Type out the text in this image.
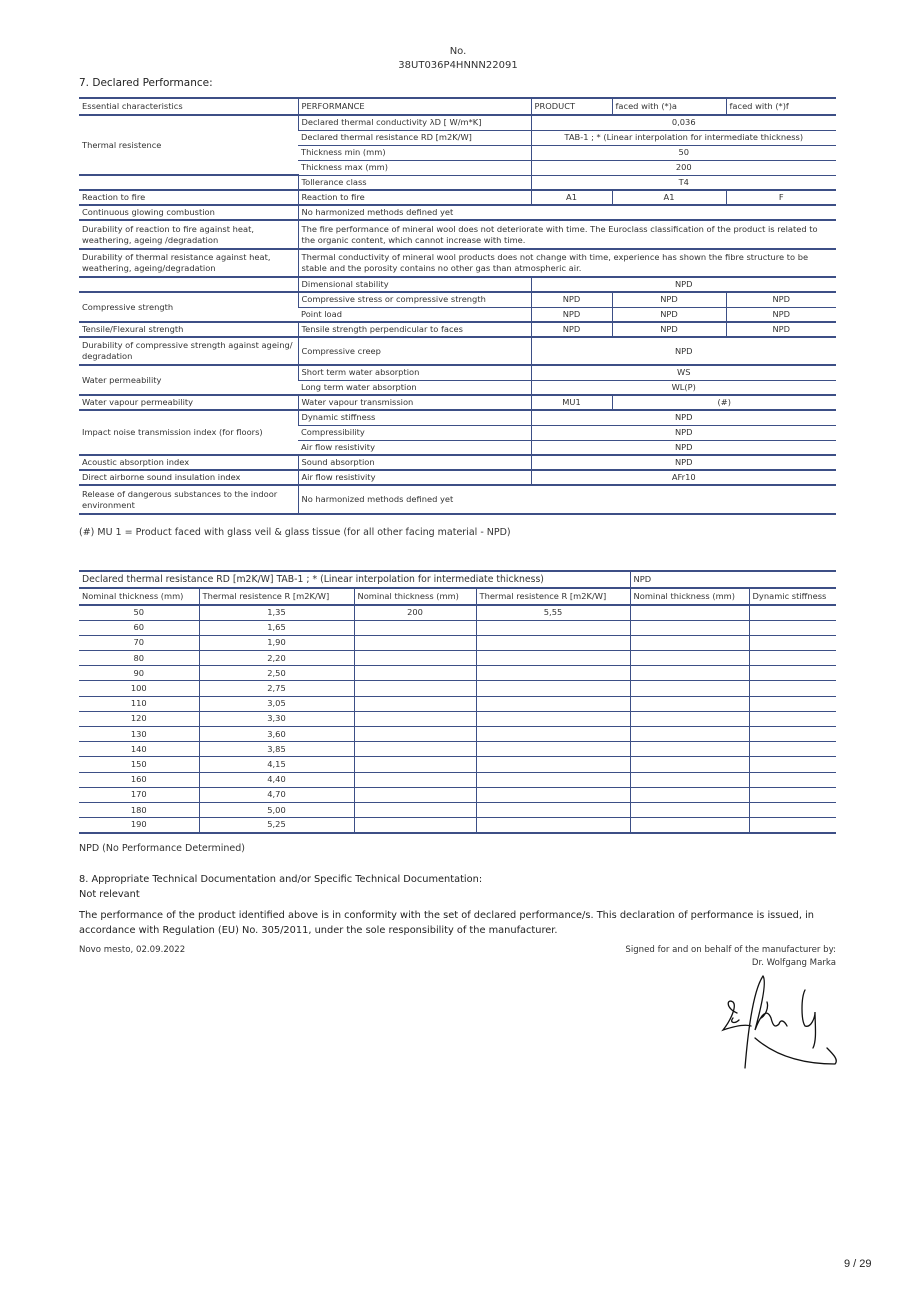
No.
38UT036P4HNNN22091
7. Declared Performance:
Essential characteristics	PERFORMANCE	PRODUCT	faced with (*)a	faced with (*)f
Thermal resistence	Declared thermal conductivity λD [ W/m*K]	0,036		
	Declared thermal resistance RD [m2K/W]	TAB-1 ; * (Linear interpolation for intermediate thickness)		
	Thickness min (mm)	50		
	Thickness max (mm)	200		
	Tollerance class	T4		
Reaction to fire	Reaction to fire	A1	A1	F
Continuous glowing combustion	No harmonized methods defined yet			
Durability of reaction to fire against heat, weathering, ageing /degradation	The fire performance of mineral wool does not deteriorate with time. The Euroclass classification of the product is related to the organic content, which cannot increase with time.			
Durability of thermal resistance against heat, weathering, ageing/degradation	Thermal conductivity of mineral wool products does not change with time, experience has shown the fibre structure to be stable and the porosity contains no other gas than atmospheric air.			
	Dimensional stability	NPD		
Compressive strength	Compressive stress or compressive strength	NPD	NPD	NPD
	Point load	NPD	NPD	NPD
Tensile/Flexural strength	Tensile strength perpendicular to faces	NPD	NPD	NPD
Durability of compressive strength against ageing/ degradation	Compressive creep	NPD		
Water permeability	Short term water absorption	WS		
	Long term water absorption	WL(P)		
Water vapour permeability	Water vapour transmission	MU1	(#)	
Impact noise transmission index (for floors)	Dynamic stiffness	NPD		
	Compressibility	NPD		
	Air flow resistivity	NPD		
Acoustic absorption index	Sound absorption	NPD		
Direct airborne sound insulation index	Air flow resistivity	AFr10		
Release of dangerous substances to the indoor environment	No harmonized methods defined yet			
(#) MU 1 = Product faced with glass veil & glass tissue (for all other facing material - NPD)
Declared thermal resistance RD [m2K/W] TAB-1 ; * (Linear interpolation for intermediate thickness)				NPD	
Nominal thickness (mm)	Thermal resistence R [m2K/W]	Nominal thickness (mm)	Thermal resistence R [m2K/W]	Nominal thickness (mm)	Dynamic stiffness
50	1,35	200	5,55		
60	1,65				
70	1,90				
80	2,20				
90	2,50				
100	2,75				
110	3,05				
120	3,30				
130	3,60				
140	3,85				
150	4,15				
160	4,40				
170	4,70				
180	5,00				
190	5,25				
NPD (No Performance Determined)
8. Appropriate Technical Documentation and/or Specific Technical Documentation:
Not relevant
The performance of the product identified above is in conformity with the set of declared performance/s. This declaration of performance is issued, in accordance with Regulation (EU) No. 305/2011, under the sole responsibility of the manufacturer.
Novo mesto, 02.09.2022	Signed for and on behalf of the manufacturer by:
Dr. Wolfgang Marka
9 / 29
